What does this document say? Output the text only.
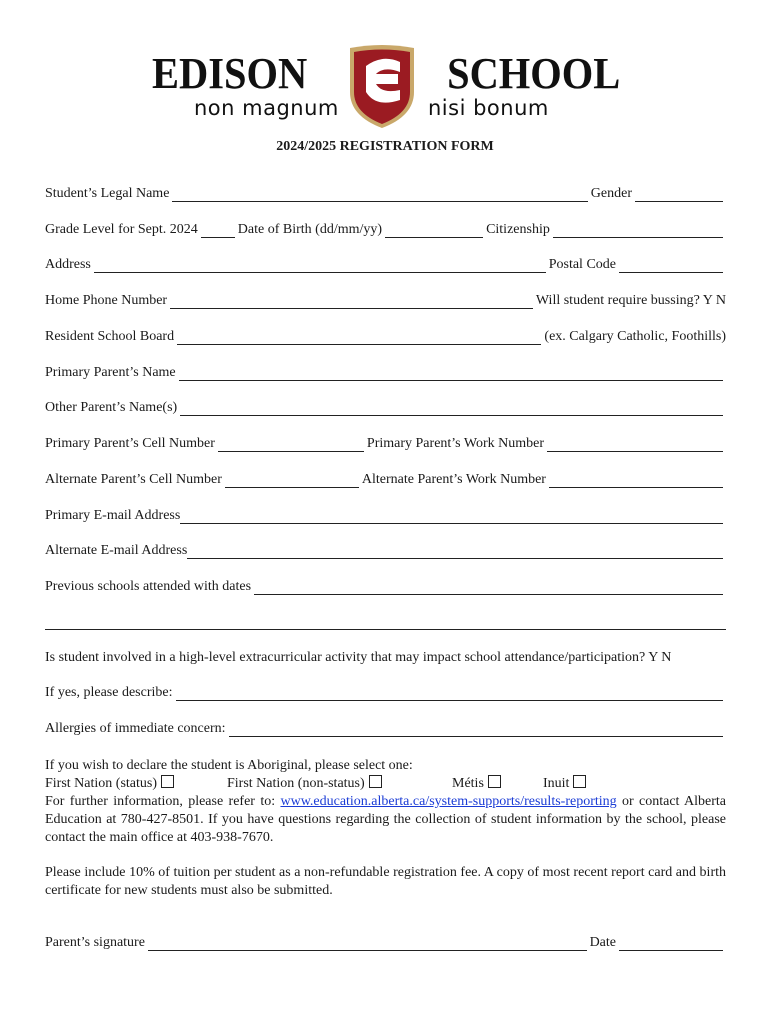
EDISON	SCHOOL
non magnum	nisi bonum
2024/2025 REGISTRATION FORM
Student’s Legal Name	Gender
Grade Level for Sept. 2024	Date of Birth (dd/mm/yy)	Citizenship
Address	Postal Code
Home Phone Number	Will student require bussing? Y N
Resident School Board	(ex. Calgary Catholic, Foothills)
Primary Parent’s Name
Other Parent’s Name(s)
Primary Parent’s Cell Number	Primary Parent’s Work Number
Alternate Parent’s Cell Number	Alternate Parent’s Work Number
Primary E-mail Address
Alternate E-mail Address
Previous schools attended with dates
Is student involved in a high-level extracurricular activity that may impact school attendance/participation? Y N
If yes, please describe:
Allergies of immediate concern:
If you wish to declare the student is Aboriginal, please select one:
First Nation (status)	First Nation (non-status)	Métis	Inuit
For further information, please refer to: www.education.alberta.ca/system-supports/results-reporting or contact Alberta Education at 780-427-8501. If you have questions regarding the collection of student information by the school, please contact the main office at 403-938-7670.
Please include 10% of tuition per student as a non-refundable registration fee. A copy of most recent report card and birth certificate for new students must also be submitted.
Parent’s signature	Date
